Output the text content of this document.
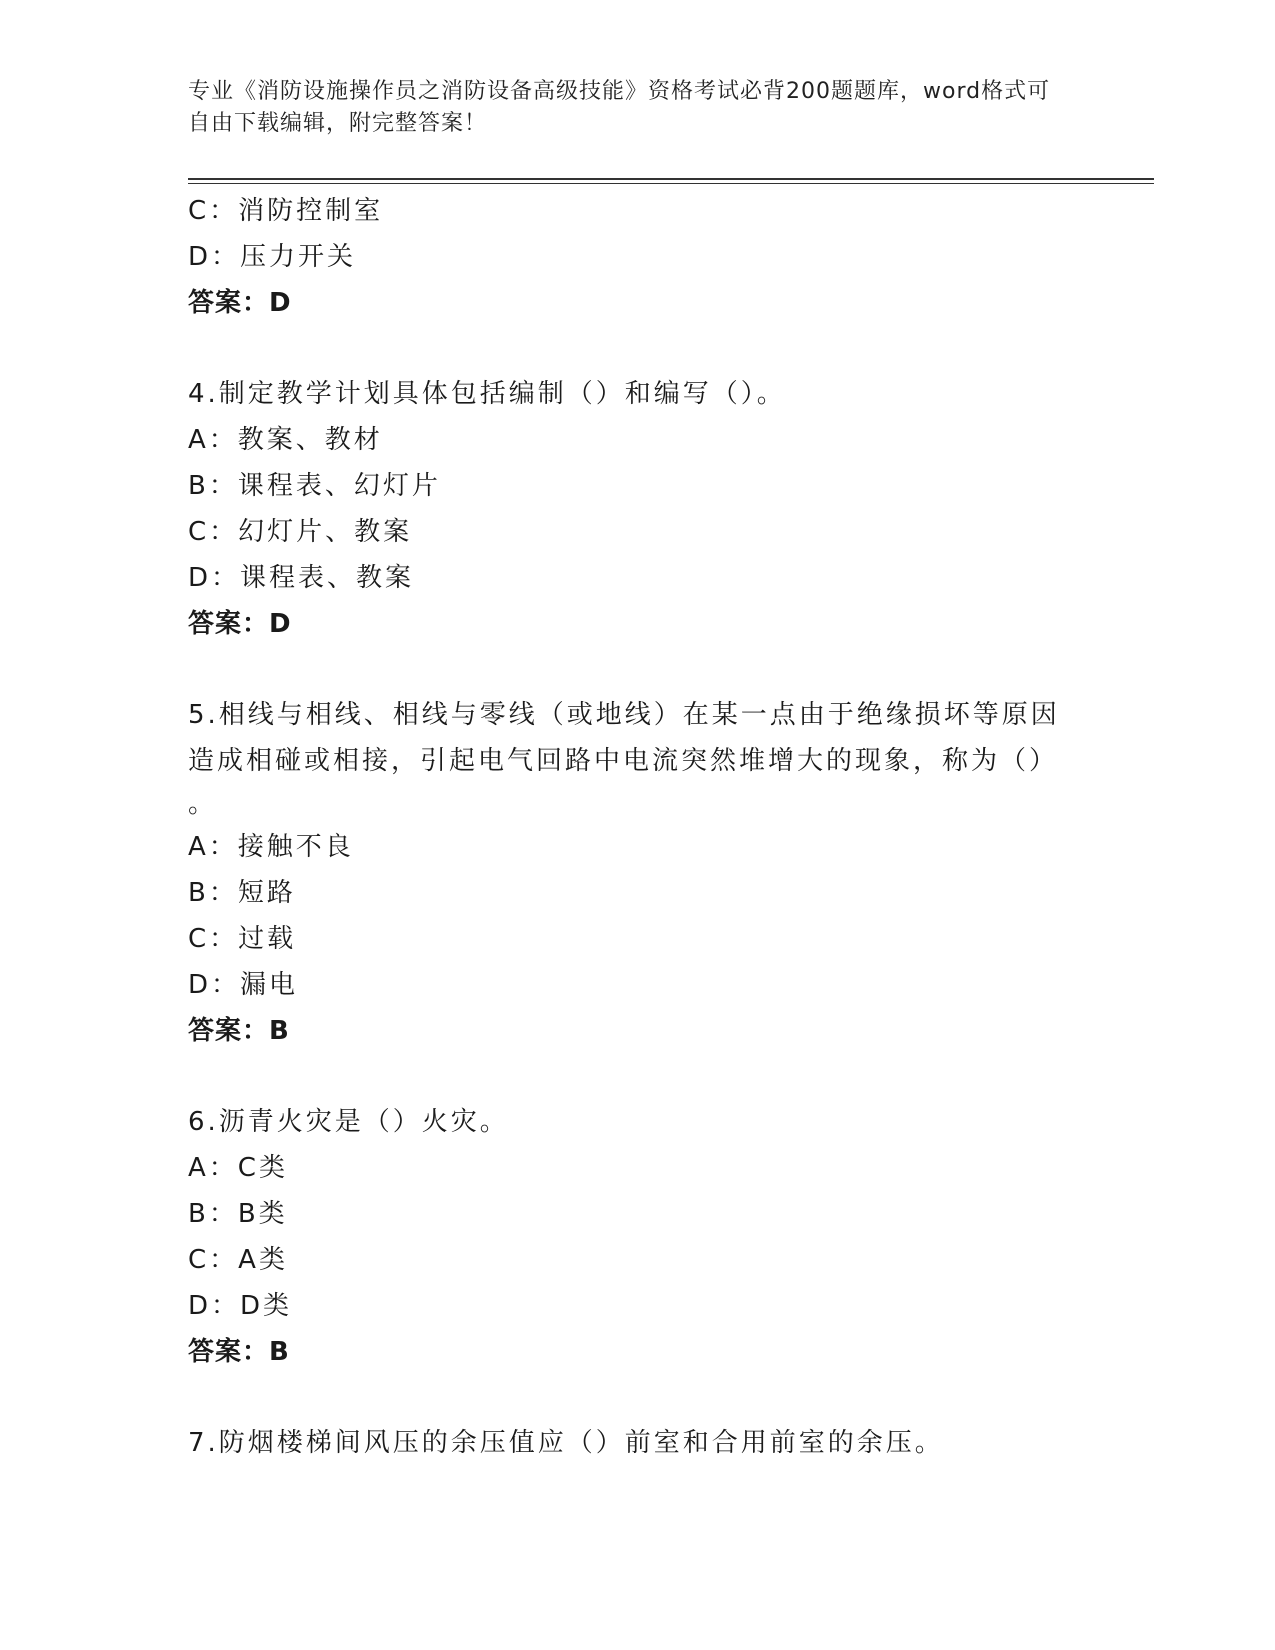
专业《消防设施操作员之消防设备高级技能》资格考试必背200题题库，word格式可自由下载编辑，附完整答案！
C：消防控制室
D：压力开关
答案：D
4.制定教学计划具体包括编制（）和编写（）。
A：教案、教材
B：课程表、幻灯片
C：幻灯片、教案
D：课程表、教案
答案：D
5.相线与相线、相线与零线（或地线）在某一点由于绝缘损坏等原因
造成相碰或相接，引起电气回路中电流突然堆增大的现象，称为（）
。
A：接触不良
B：短路
C：过载
D：漏电
答案：B
6.沥青火灾是（）火灾。
A：C类
B：B类
C：A类
D：D类
答案：B
7.防烟楼梯间风压的余压值应（）前室和合用前室的余压。
